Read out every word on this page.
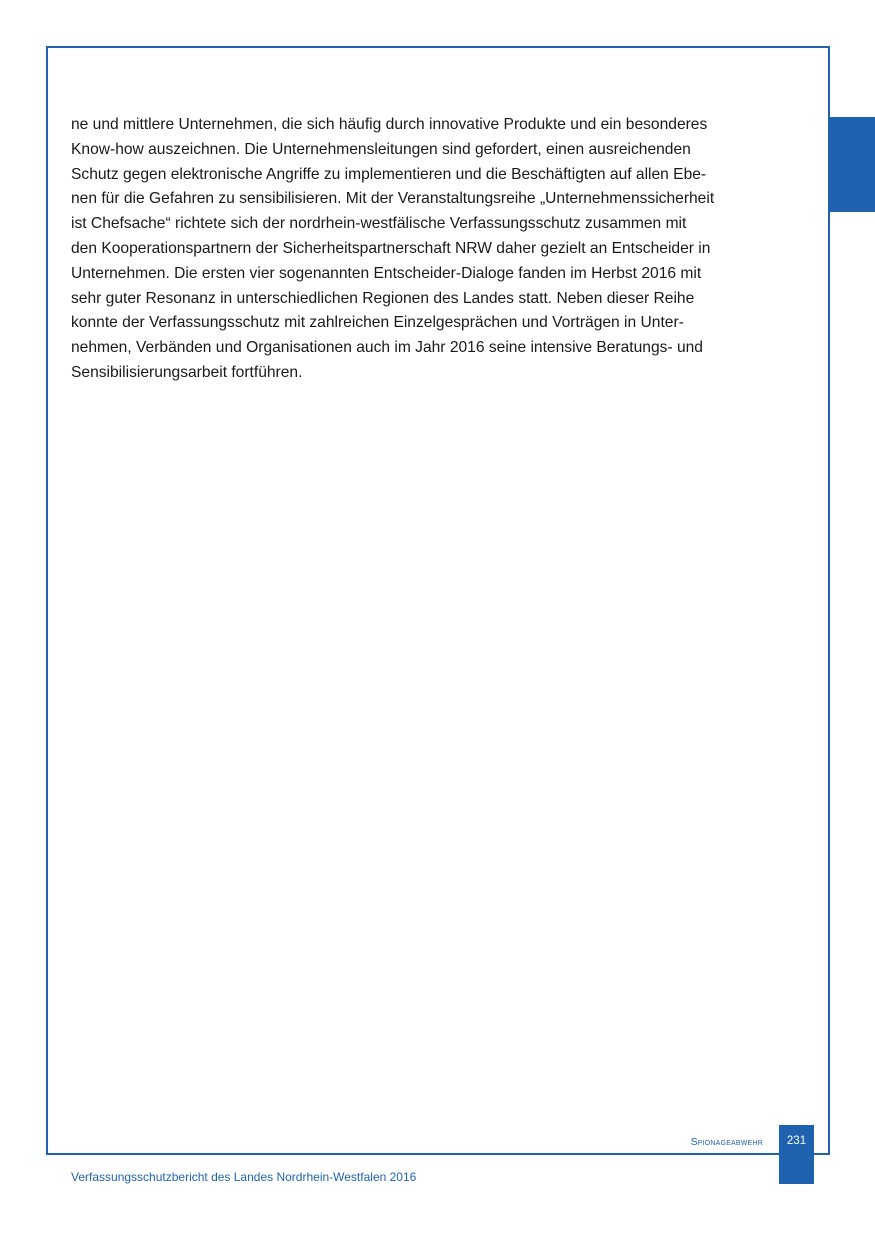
ne und mittlere Unternehmen, die sich häufig durch innovative Produkte und ein besonderes
Know-how auszeichnen. Die Unternehmensleitungen sind gefordert, einen ausreichenden
Schutz gegen elektronische Angriffe zu implementieren und die Beschäftigten auf allen Ebe-
nen für die Gefahren zu sensibilisieren. Mit der Veranstaltungsreihe „Unternehmenssicherheit
ist Chefsache“ richtete sich der nordrhein-westfälische Verfassungsschutz zusammen mit
den Kooperationspartnern der Sicherheitspartnerschaft NRW daher gezielt an Entscheider in
Unternehmen. Die ersten vier sogenannten Entscheider-Dialoge fanden im Herbst 2016 mit
sehr guter Resonanz in unterschiedlichen Regionen des Landes statt. Neben dieser Reihe
konnte der Verfassungsschutz mit zahlreichen Einzelgesprächen und Vorträgen in Unter-
nehmen, Verbänden und Organisationen auch im Jahr 2016 seine intensive Beratungs- und
Sensibilisierungsarbeit fortführen.

Spionageabwehr	231
Verfassungsschutzbericht des Landes Nordrhein-Westfalen 2016
